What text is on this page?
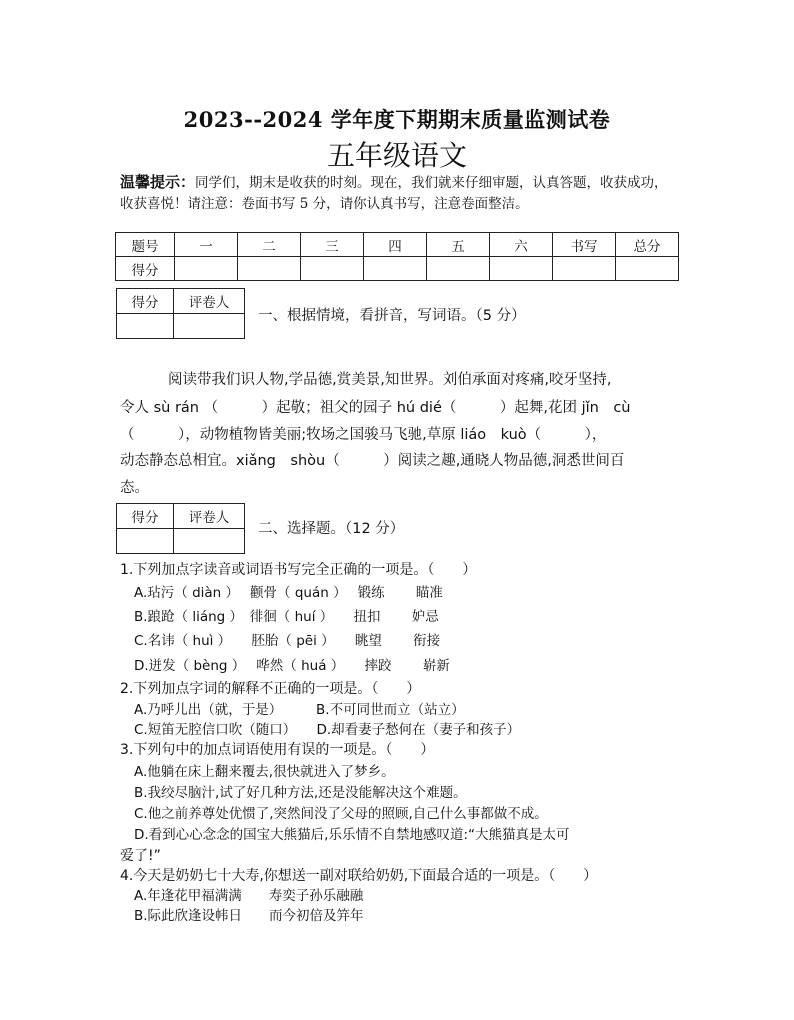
2023--2024 学年度下期期末质量监测试卷
五年级语文
温馨提示：同学们，期末是收获的时刻。现在，我们就来仔细审题，认真答题，收获成功，收获喜悦！请注意：卷面书写 5 分，请你认真书写，注意卷面整洁。
题号	一	二	三	四	五	六	书写	总分
得分								
得分	评卷人

一、根据情境，看拼音，写词语。（5 分）
阅读带我们识人物,学品德,赏美景,知世界。刘伯承面对疼痛,咬牙坚持,
令人 sù rán （　　　）起敬；祖父的园子 hú dié（　　　）起舞,花团 jǐn　cù
（　　　），动物植物皆美丽;牧场之国骏马飞驰,草原 liáo　kuò（　　　），
动态静态总相宜。xiǎng　shòu（　　　）阅读之趣,通晓人物品德,洞悉世间百
态。
得分	评卷人

二、选择题。（12 分）
1.下列加点字读音或词语书写完全正确的一项是。（　　）
A.玷污（ diàn ）　 颧骨（ quán ）　 锻练　　 瞄准
B.踉跄（ liáng ）　徘徊（ huí ）　　扭扣　　 妒忌
C.名讳（ huì ）　　胚胎（ pēi ）　　眺望　　 衔接
D.迸发（ bèng ）　 哗然（ huá ）　　摔跤　　 崭新
2.下列加点字词的解释不正确的一项是。（　　）
A.乃呼儿出（就，于是）　　　B.不可同世而立（站立）
C.短笛无腔信口吹（随口）　　D.却看妻子愁何在（妻子和孩子）
3.下列句中的加点词语使用有误的一项是。（　　）
A.他躺在床上翻来覆去,很快就进入了梦乡。
B.我绞尽脑汁,试了好几种方法,还是没能解决这个难题。
C.他之前养尊处优惯了,突然间没了父母的照顾,自己什么事都做不成。
D.看到心心念念的国宝大熊猫后,乐乐情不自禁地感叹道:“大熊猫真是太可
爱了!”
4.今天是奶奶七十大寿,你想送一副对联给奶奶,下面最合适的一项是。（　　）
A.年逢花甲福满满　　寿奕子孙乐融融
B.际此欣逢设帏日　　而今初倍及笄年
